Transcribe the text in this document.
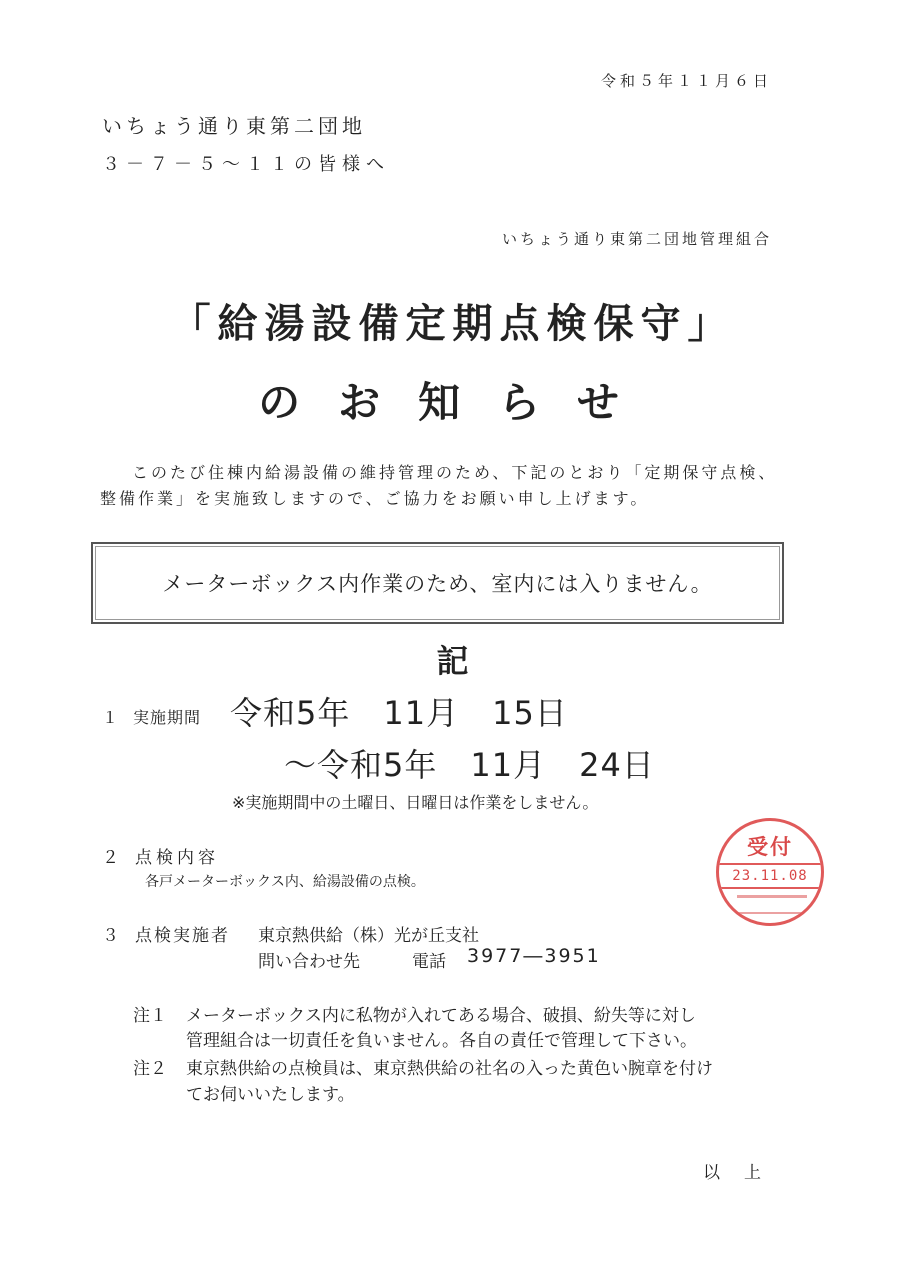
令和５年１１月６日
いちょう通り東第二団地
３－７－５～１１の皆様へ
いちょう通り東第二団地管理組合
「給湯設備定期点検保守」
のお知らせ
このたび住棟内給湯設備の維持管理のため、下記のとおり「定期保守点検、整備作業」を実施致しますので、ご協力をお願い申し上げます。
メーターボックス内作業のため、室内には入りません。
記
１ 実施期間 令和5年　11月　15日
～令和5年　11月　24日
※実施期間中の土曜日、日曜日は作業をしません。
２ 点検内容
各戸メーターボックス内、給湯設備の点検。
３ 点検実施者 東京熱供給（株）光が丘支社
問い合わせ先	電話 3977―3951
注１ メーターボックス内に私物が入れてある場合、破損、紛失等に対し
管理組合は一切責任を負いません。各自の責任で管理して下さい。
注２ 東京熱供給の点検員は、東京熱供給の社名の入った黄色い腕章を付け
てお伺いいたします。
以上
受付
23.11.08
